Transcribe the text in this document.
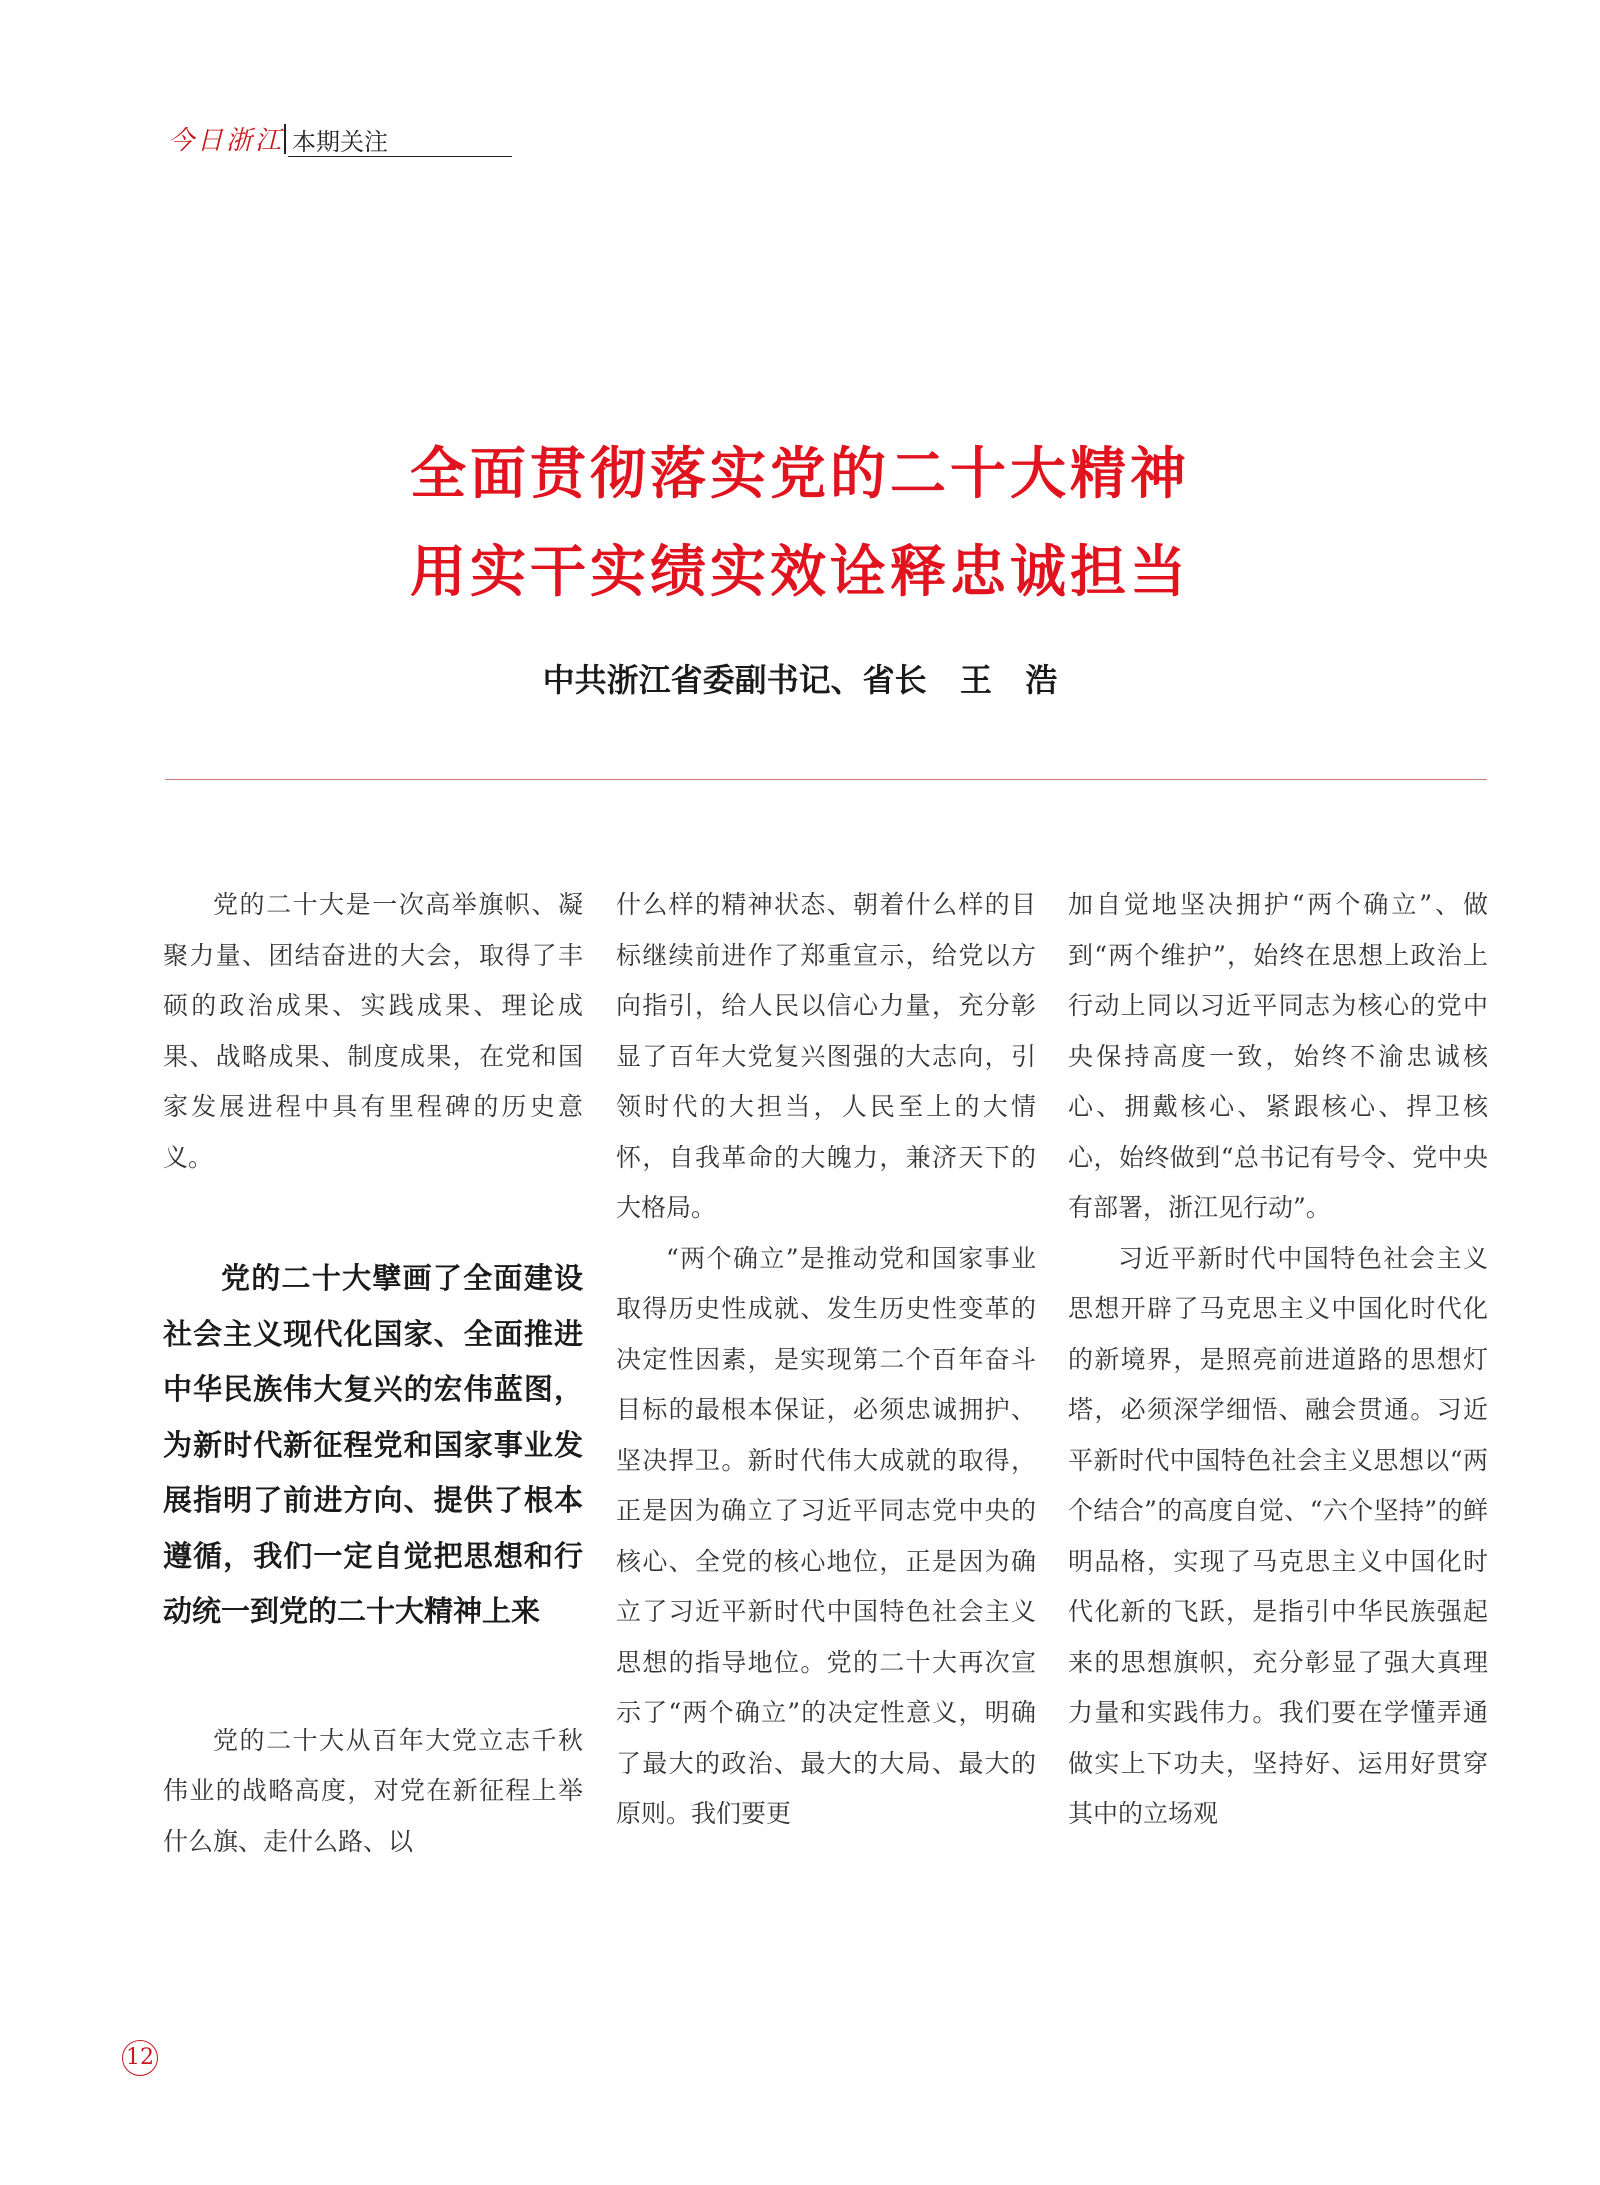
今日浙江 本期关注
全面贯彻落实党的二十大精神
用实干实绩实效诠释忠诚担当
中共浙江省委副书记、省长   王   浩

党的二十大是一次高举旗帜、凝聚力量、团结奋进的大会，取得了丰硕的政治成果、实践成果、理论成果、战略成果、制度成果，在党和国家发展进程中具有里程碑的历史意义。

党的二十大擘画了全面建设社会主义现代化国家、全面推进中华民族伟大复兴的宏伟蓝图，为新时代新征程党和国家事业发展指明了前进方向、提供了根本遵循，我们一定自觉把思想和行动统一到党的二十大精神上来

党的二十大从百年大党立志千秋伟业的战略高度，对党在新征程上举什么旗、走什么路、以

什么样的精神状态、朝着什么样的目标继续前进作了郑重宣示，给党以方向指引，给人民以信心力量，充分彰显了百年大党复兴图强的大志向，引领时代的大担当，人民至上的大情怀，自我革命的大魄力，兼济天下的大格局。

“两个确立”是推动党和国家事业取得历史性成就、发生历史性变革的决定性因素，是实现第二个百年奋斗目标的最根本保证，必须忠诚拥护、坚决捍卫。新时代伟大成就的取得，正是因为确立了习近平同志党中央的核心、全党的核心地位，正是因为确立了习近平新时代中国特色社会主义思想的指导地位。党的二十大再次宣示了“两个确立”的决定性意义，明确了最大的政治、最大的大局、最大的原则。我们要更

加自觉地坚决拥护“两个确立”、做到“两个维护”，始终在思想上政治上行动上同以习近平同志为核心的党中央保持高度一致，始终不渝忠诚核心、拥戴核心、紧跟核心、捍卫核心，始终做到“总书记有号令、党中央有部署，浙江见行动”。

习近平新时代中国特色社会主义思想开辟了马克思主义中国化时代化的新境界，是照亮前进道路的思想灯塔，必须深学细悟、融会贯通。习近平新时代中国特色社会主义思想以“两个结合”的高度自觉、“六个坚持”的鲜明品格，实现了马克思主义中国化时代化新的飞跃，是指引中华民族强起来的思想旗帜，充分彰显了强大真理力量和实践伟力。我们要在学懂弄通做实上下功夫，坚持好、运用好贯穿其中的立场观

12
